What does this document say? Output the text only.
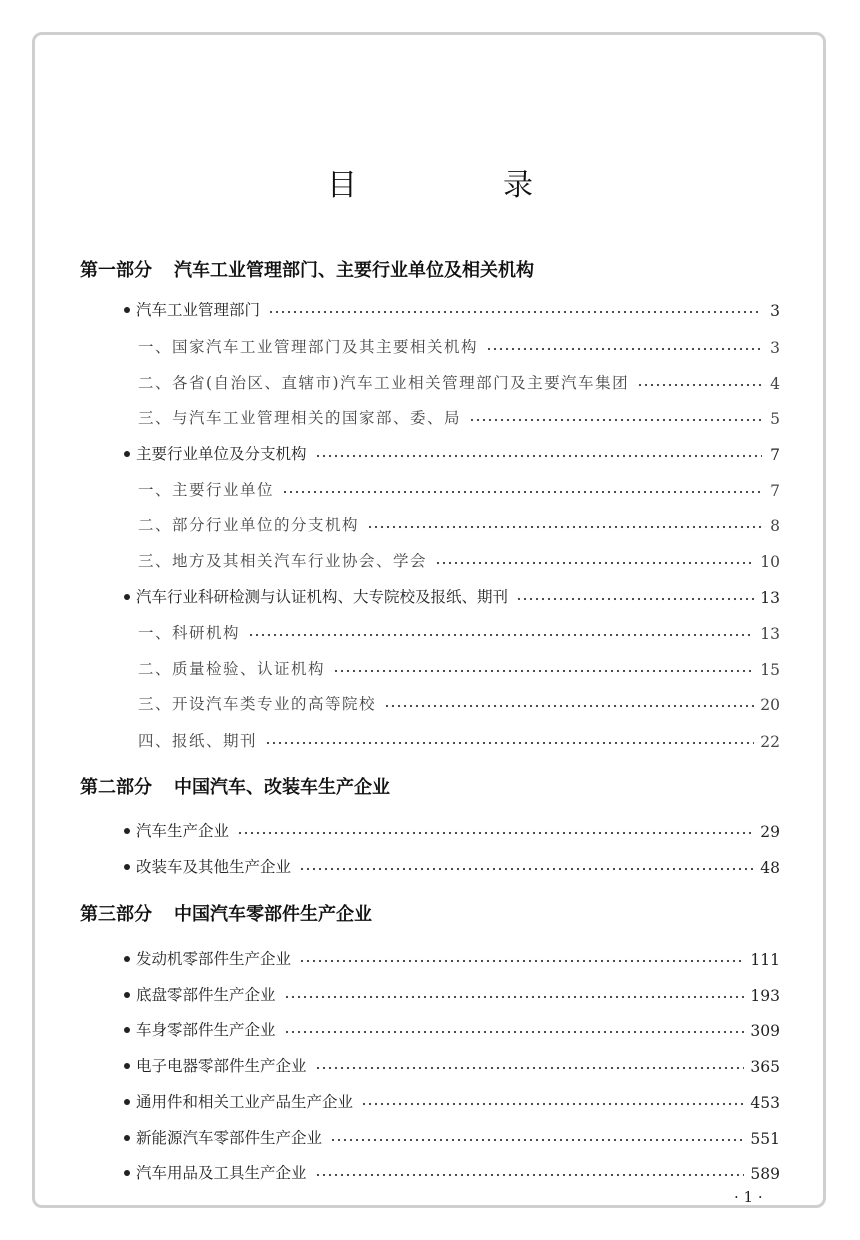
目　录
第一部分 汽车工业管理部门、主要行业单位及相关机构
第二部分 中国汽车、改装车生产企业
第三部分 中国汽车零部件生产企业
汽车工业管理部门	3
一、国家汽车工业管理部门及其主要相关机构	3
二、各省(自治区、直辖市)汽车工业相关管理部门及主要汽车集团	4
三、与汽车工业管理相关的国家部、委、局	5
主要行业单位及分支机构	7
一、主要行业单位	7
二、部分行业单位的分支机构	8
三、地方及其相关汽车行业协会、学会	10
汽车行业科研检测与认证机构、大专院校及报纸、期刊	13
一、科研机构	13
二、质量检验、认证机构	15
三、开设汽车类专业的高等院校	20
四、报纸、期刊	22
汽车生产企业	29
改装车及其他生产企业	48
发动机零部件生产企业	111
底盘零部件生产企业	193
车身零部件生产企业	309
电子电器零部件生产企业	365
通用件和相关工业产品生产企业	453
新能源汽车零部件生产企业	551
汽车用品及工具生产企业	589
· 1 ·
